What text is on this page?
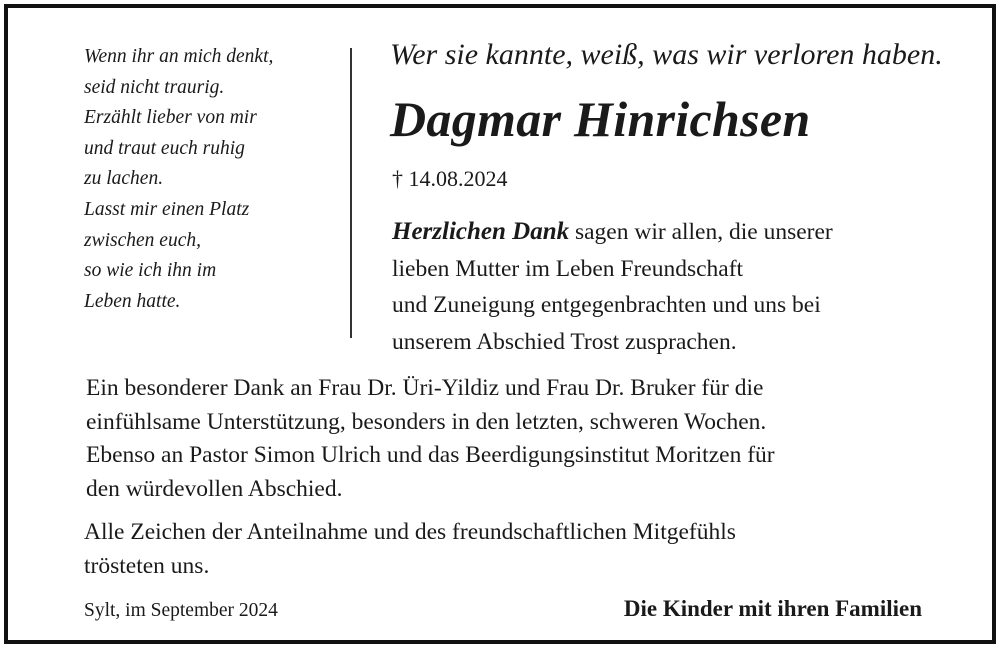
Wenn ihr an mich denkt,
seid nicht traurig.
Erzählt lieber von mir
und traut euch ruhig
zu lachen.
Lasst mir einen Platz
zwischen euch,
so wie ich ihn im
Leben hatte.
Wer sie kannte, weiß, was wir verloren haben.
Dagmar Hinrichsen
† 14.08.2024
Herzlichen Dank sagen wir allen, die unserer
lieben Mutter im Leben Freundschaft
und Zuneigung entgegenbrachten und uns bei
unserem Abschied Trost zusprachen.
Ein besonderer Dank an Frau Dr. Üri-Yildiz und Frau Dr. Bruker für die
einfühlsame Unterstützung, besonders in den letzten, schweren Wochen.
Ebenso an Pastor Simon Ulrich und das Beerdigungsinstitut Moritzen für
den würdevollen Abschied.
Alle Zeichen der Anteilnahme und des freundschaftlichen Mitgefühls
trösteten uns.
Sylt, im September 2024	Die Kinder mit ihren Familien
